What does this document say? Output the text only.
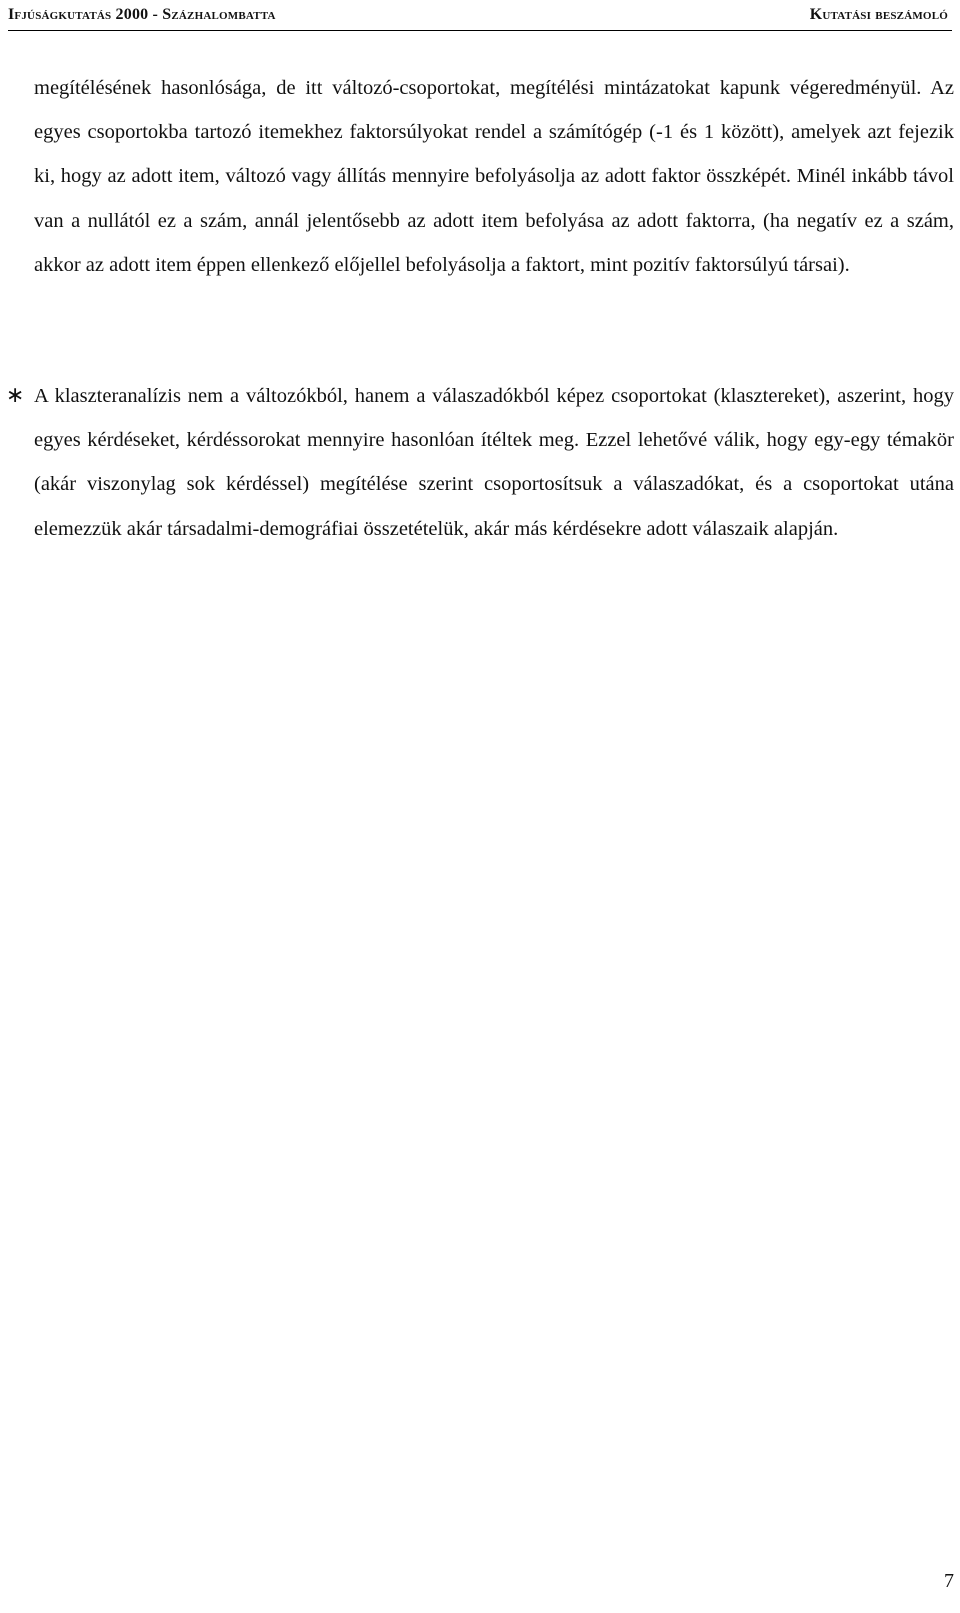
Ifjúságkutatás 2000 - Százhalombatta	Kutatási beszámoló
megítélésének hasonlósága, de itt változó-csoportokat, megítélési mintázatokat kapunk végeredményül. Az egyes csoportokba tartozó itemekhez faktorsúlyokat rendel a számítógép (-1 és 1 között), amelyek azt fejezik ki, hogy az adott item, változó vagy állítás mennyire befolyásolja az adott faktor összképét. Minél inkább távol van a nullától ez a szám, annál jelentősebb az adott item befolyása az adott faktorra, (ha negatív ez a szám, akkor az adott item éppen ellenkező előjellel befolyásolja a faktort, mint pozitív faktorsúlyú társai).
∗ A klaszteranalízis nem a változókból, hanem a válaszadókból képez csoportokat (klasztereket), aszerint, hogy egyes kérdéseket, kérdéssorokat mennyire hasonlóan ítéltek meg. Ezzel lehetővé válik, hogy egy-egy témakör (akár viszonylag sok kérdéssel) megítélése szerint csoportosítsuk a válaszadókat, és a csoportokat utána elemezzük akár társadalmi-demográfiai összetételük, akár más kérdésekre adott válaszaik alapján.
7
